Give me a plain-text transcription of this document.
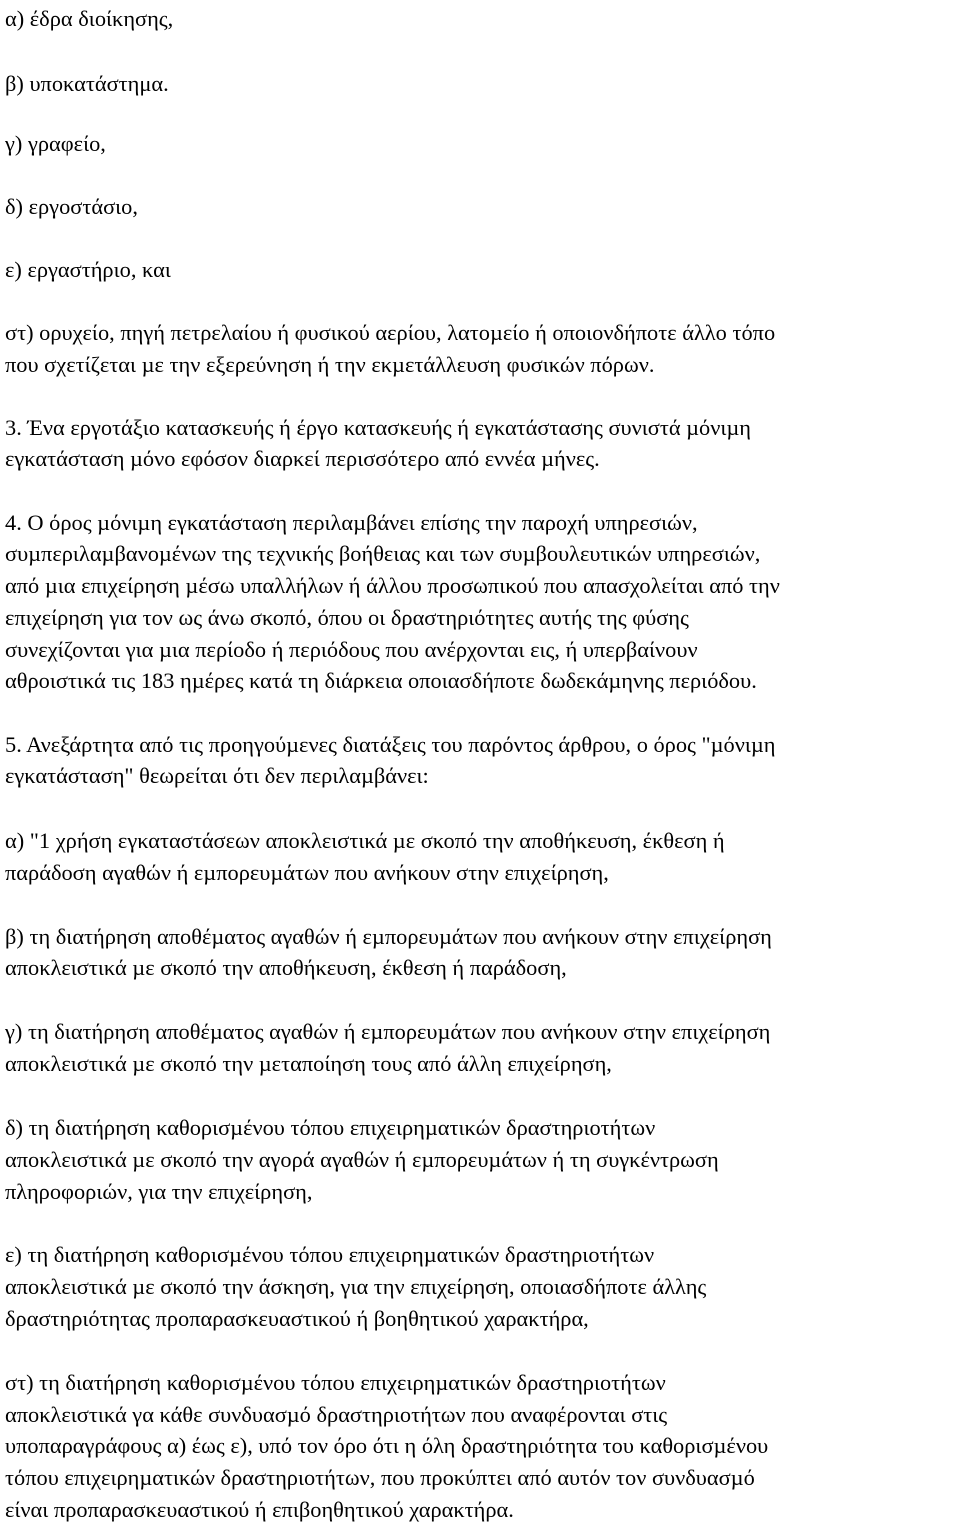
α) έδρα διοίκησης,
β) υποκατάστημα.
γ) γραφείο,
δ) εργοστάσιο,
ε) εργαστήριο, και
στ) ορυχείο, πηγή πετρελαίου ή φυσικού αερίου, λατοµείο ή οποιονδήποτε άλλο τόπο
που σχετίζεται µε την εξερεύνηση ή την εκµετάλλευση φυσικών πόρων.
3. Ένα εργοτάξιο κατασκευής ή έργο κατασκευής ή εγκατάστασης συνιστά µόνιµη
εγκατάσταση µόνο εφόσον διαρκεί περισσότερο από εννέα µήνες.
4. Ο όρος µόνιµη εγκατάσταση περιλαµβάνει επίσης την παροχή υπηρεσιών,
συµπεριλαµβανοµένων της τεχνικής βοήθειας και των συµβουλευτικών υπηρεσιών,
από µια επιχείρηση µέσω υπαλλήλων ή άλλου προσωπικού που απασχολείται από την
επιχείρηση για τον ως άνω σκοπό, όπου οι δραστηριότητες αυτής της φύσης
συνεχίζονται για µια περίοδο ή περιόδους που ανέρχονται εις, ή υπερβαίνουν
αθροιστικά τις 183 ηµέρες κατά τη διάρκεια οποιασδήποτε δωδεκάµηνης περιόδου.
5. Ανεξάρτητα από τις προηγούµενες διατάξεις του παρόντος άρθρου, ο όρος "µόνιµη
εγκατάσταση" θεωρείται ότι δεν περιλαµβάνει:
α) "1 χρήση εγκαταστάσεων αποκλειστικά µε σκοπό την αποθήκευση, έκθεση ή
παράδοση αγαθών ή εµπορευµάτων που ανήκουν στην επιχείρηση,
β) τη διατήρηση αποθέµατος αγαθών ή εµπορευµάτων που ανήκουν στην επιχείρηση
αποκλειστικά µε σκοπό την αποθήκευση, έκθεση ή παράδοση,
γ) τη διατήρηση αποθέµατος αγαθών ή εµπορευµάτων που ανήκουν στην επιχείρηση
αποκλειστικά µε σκοπό την µεταποίηση τους από άλλη επιχείρηση,
δ) τη διατήρηση καθορισµένου τόπου επιχειρηµατικών δραστηριοτήτων
αποκλειστικά µε σκοπό την αγορά αγαθών ή εµπορευµάτων ή τη συγκέντρωση
πληροφοριών, για την επιχείρηση,
ε) τη διατήρηση καθορισµένου τόπου επιχειρηµατικών δραστηριοτήτων
αποκλειστικά µε σκοπό την άσκηση, για την επιχείρηση, οποιασδήποτε άλλης
δραστηριότητας προπαρασκευαστικού ή βοηθητικού χαρακτήρα,
στ) τη διατήρηση καθορισµένου τόπου επιχειρηµατικών δραστηριοτήτων
αποκλειστικά γα κάθε συνδυασµό δραστηριοτήτων που αναφέρονται στις
υποπαραγράφους α) έως ε), υπό τον όρο ότι η όλη δραστηριότητα του καθορισµένου
τόπου επιχειρηµατικών δραστηριοτήτων, που προκύπτει από αυτόν τον συνδυασµό
είναι προπαρασκευαστικού ή επιβοηθητικού χαρακτήρα.
